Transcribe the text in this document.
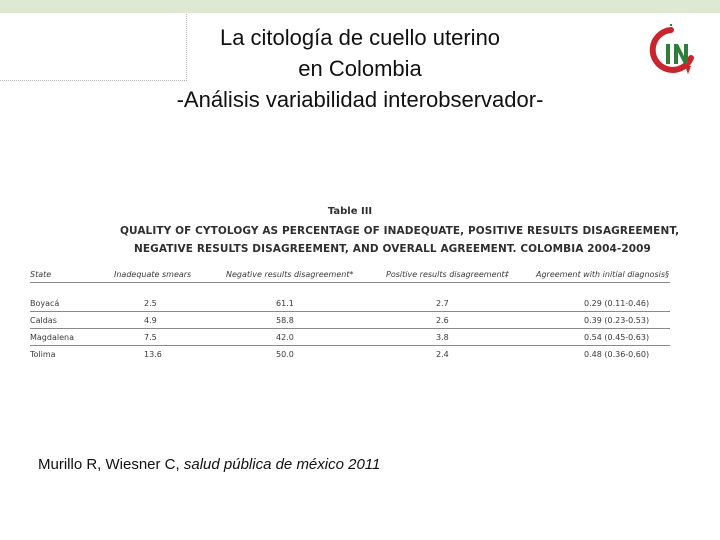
La citología de cuello uterino
en Colombia
-Análisis variabilidad interobservador-
Table III
QUALITY OF CYTOLOGY AS PERCENTAGE OF INADEQUATE, POSITIVE RESULTS DISAGREEMENT,
NEGATIVE RESULTS DISAGREEMENT, AND OVERALL AGREEMENT. COLOMBIA 2004-2009
State	Inadequate smears	Negative results disagreement*	Positive results disagreement‡	Agreement with initial diagnosis§

Boyacá	2.5	61.1	2.7	0.29 (0.11-0.46)
Caldas	4.9	58.8	2.6	0.39 (0.23-0.53)
Magdalena	7.5	42.0	3.8	0.54 (0.45-0.63)
Tolima	13.6	50.0	2.4	0.48 (0.36-0.60)
Murillo R, Wiesner C, salud pública de méxico 2011
